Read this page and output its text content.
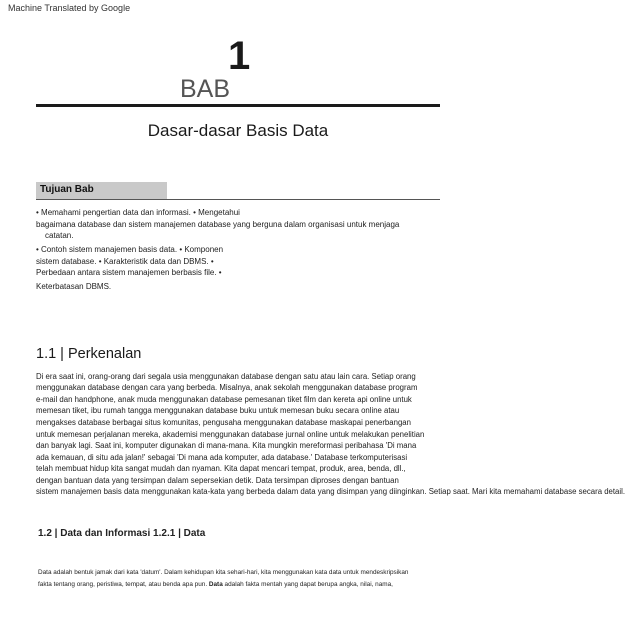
Machine Translated by Google
1
BAB
Dasar-dasar Basis Data
Tujuan Bab
• Memahami pengertian data dan informasi. • Mengetahui
bagaimana database dan sistem manajemen database yang berguna dalam organisasi untuk menjaga
catatan.
• Contoh sistem manajemen basis data. • Komponen
sistem database. • Karakteristik data dan DBMS. •
Perbedaan antara sistem manajemen berbasis file. •
Keterbatasan DBMS.
1.1 | Perkenalan
Di era saat ini, orang-orang dari segala usia menggunakan database dengan satu atau lain cara. Setiap orang
menggunakan database dengan cara yang berbeda. Misalnya, anak sekolah menggunakan database program
e-mail dan handphone, anak muda menggunakan database pemesanan tiket film dan kereta api online untuk
memesan tiket, ibu rumah tangga menggunakan database buku untuk memesan buku secara online atau
mengakses database berbagai situs komunitas, pengusaha menggunakan database maskapai penerbangan
untuk memesan perjalanan mereka, akademisi menggunakan database jurnal online untuk melakukan penelitian
dan banyak lagi. Saat ini, komputer digunakan di mana-mana. Kita mungkin mereformasi peribahasa 'Di mana
ada kemauan, di situ ada jalan!' sebagai 'Di mana ada komputer, ada database.' Database terkomputerisasi
telah membuat hidup kita sangat mudah dan nyaman. Kita dapat mencari tempat, produk, area, benda, dll.,
dengan bantuan data yang tersimpan dalam sepersekian detik. Data tersimpan diproses dengan bantuan
sistem manajemen basis data menggunakan kata-kata yang berbeda dalam data yang disimpan yang diinginkan. Setiap saat. Mari kita memahami database secara detail.
1.2 | Data dan Informasi 1.2.1 | Data
Data adalah bentuk jamak dari kata 'datum'. Dalam kehidupan kita sehari-hari, kita menggunakan kata data untuk mendeskripsikan
fakta tentang orang, peristiwa, tempat, atau benda apa pun. Data adalah fakta mentah yang dapat berupa angka, nilai, nama,
